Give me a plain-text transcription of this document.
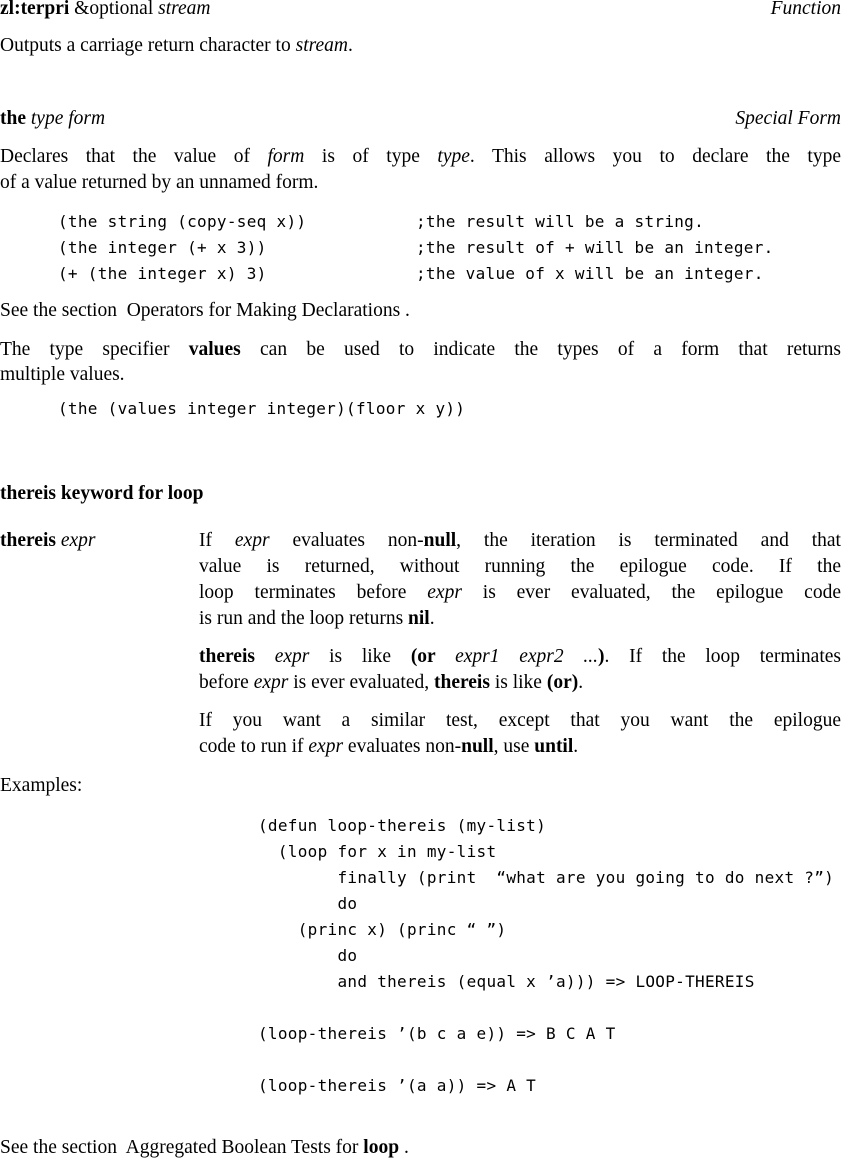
zl:terpri &optional stream	Function
Outputs a carriage return character to stream.
the type form	Special Form
Declares that the value of form is of type type. This allows you to declare the type
of a value returned by an unnamed form.
(the string (copy-seq x))	;the result will be a string.
(the integer (+ x 3))	;the result of + will be an integer.
(+ (the integer x) 3)	;the value of x will be an integer.
See the section  Operators for Making Declarations .
The type specifier values can be used to indicate the types of a form that returns
multiple values.
(the (values integer integer)(floor x y))
thereis keyword for loop
thereis expr	If expr evaluates non-null, the iteration is terminated and that
value is returned, without running the epilogue code. If the
loop terminates before expr is ever evaluated, the epilogue code
is run and the loop returns nil.
thereis expr is like (or expr1 expr2 ...). If the loop terminates
before expr is ever evaluated, thereis is like (or).
If you want a similar test, except that you want the epilogue
code to run if expr evaluates non-null, use until.
Examples:
(defun loop-thereis (my-list)
(loop for x in my-list
finally (print  “what are you going to do next ?”)
do
(princ x) (princ “ ”)
do
and thereis (equal x ’a))) => LOOP-THEREIS
(loop-thereis ’(b c a e)) => B C A T
(loop-thereis ’(a a)) => A T
See the section  Aggregated Boolean Tests for loop .
